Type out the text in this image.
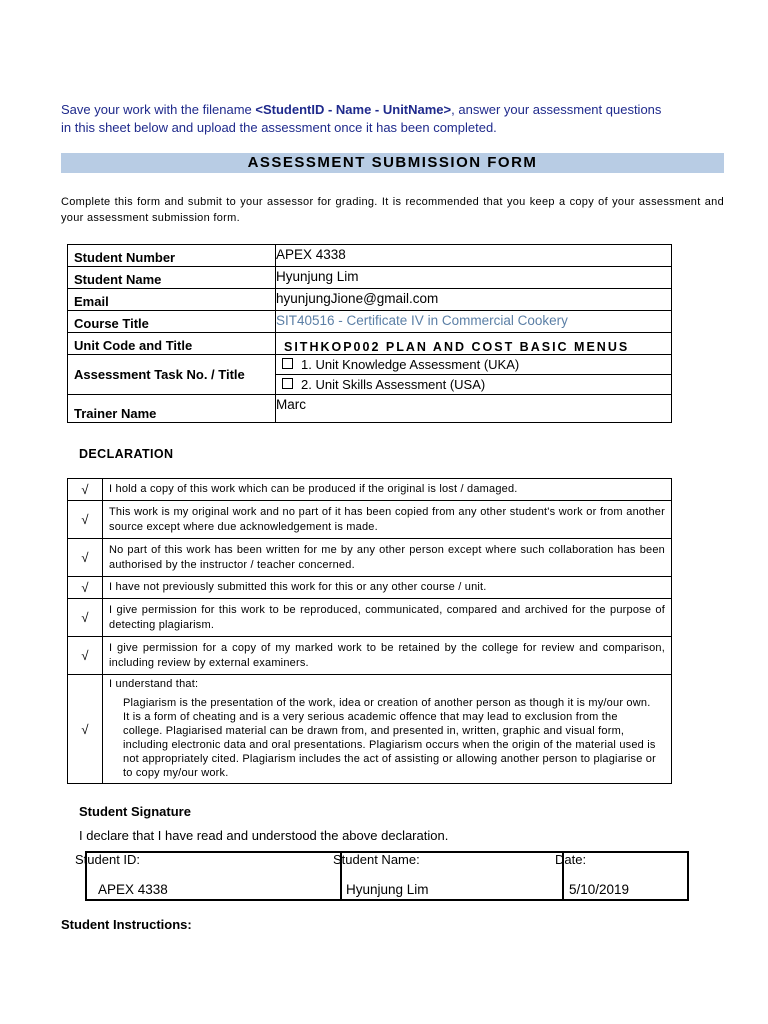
Save your work with the filename <StudentID - Name - UnitName>, answer your assessment questions
in this sheet below and upload the assessment once it has been completed.
ASSESSMENT SUBMISSION FORM
Complete this form and submit to your assessor for grading. It is recommended that you keep a copy of your assessment and your assessment submission form.
Student Number	APEX 4338
Student Name	Hyunjung Lim
Email	hyunjungJione@gmail.com
Course Title	SIT40516 - Certificate IV in Commercial Cookery
Unit Code and Title	SITHKOP002 PLAN AND COST BASIC MENUS
Assessment Task No. / Title	1. Unit Knowledge Assessment (UKA)
	2. Unit Skills Assessment (USA)
Trainer Name	Marc
DECLARATION
√	I hold a copy of this work which can be produced if the original is lost / damaged.
√	This work is my original work and no part of it has been copied from any other student's work or from another source except where due acknowledgement is made.
√	No part of this work has been written for me by any other person except where such collaboration has been authorised by the instructor / teacher concerned.
√	I have not previously submitted this work for this or any other course / unit.
√	I give permission for this work to be reproduced, communicated, compared and archived for the purpose of detecting plagiarism.
√	I give permission for a copy of my marked work to be retained by the college for review and comparison, including review by external examiners.
√	I understand that:
Plagiarism is the presentation of the work, idea or creation of another person as though it is my/our own. It is a form of cheating and is a very serious academic offence that may lead to exclusion from the college. Plagiarised material can be drawn from, and presented in, written, graphic and visual form, including electronic data and oral presentations. Plagiarism occurs when the origin of the material used is not appropriately cited. Plagiarism includes the act of assisting or allowing another person to plagiarise or to copy my/our work.
Student Signature
I declare that I have read and understood the above declaration.
Student ID:	Student Name:	Date:
APEX 4338	Hyunjung Lim	5/10/2019
Student Instructions:
